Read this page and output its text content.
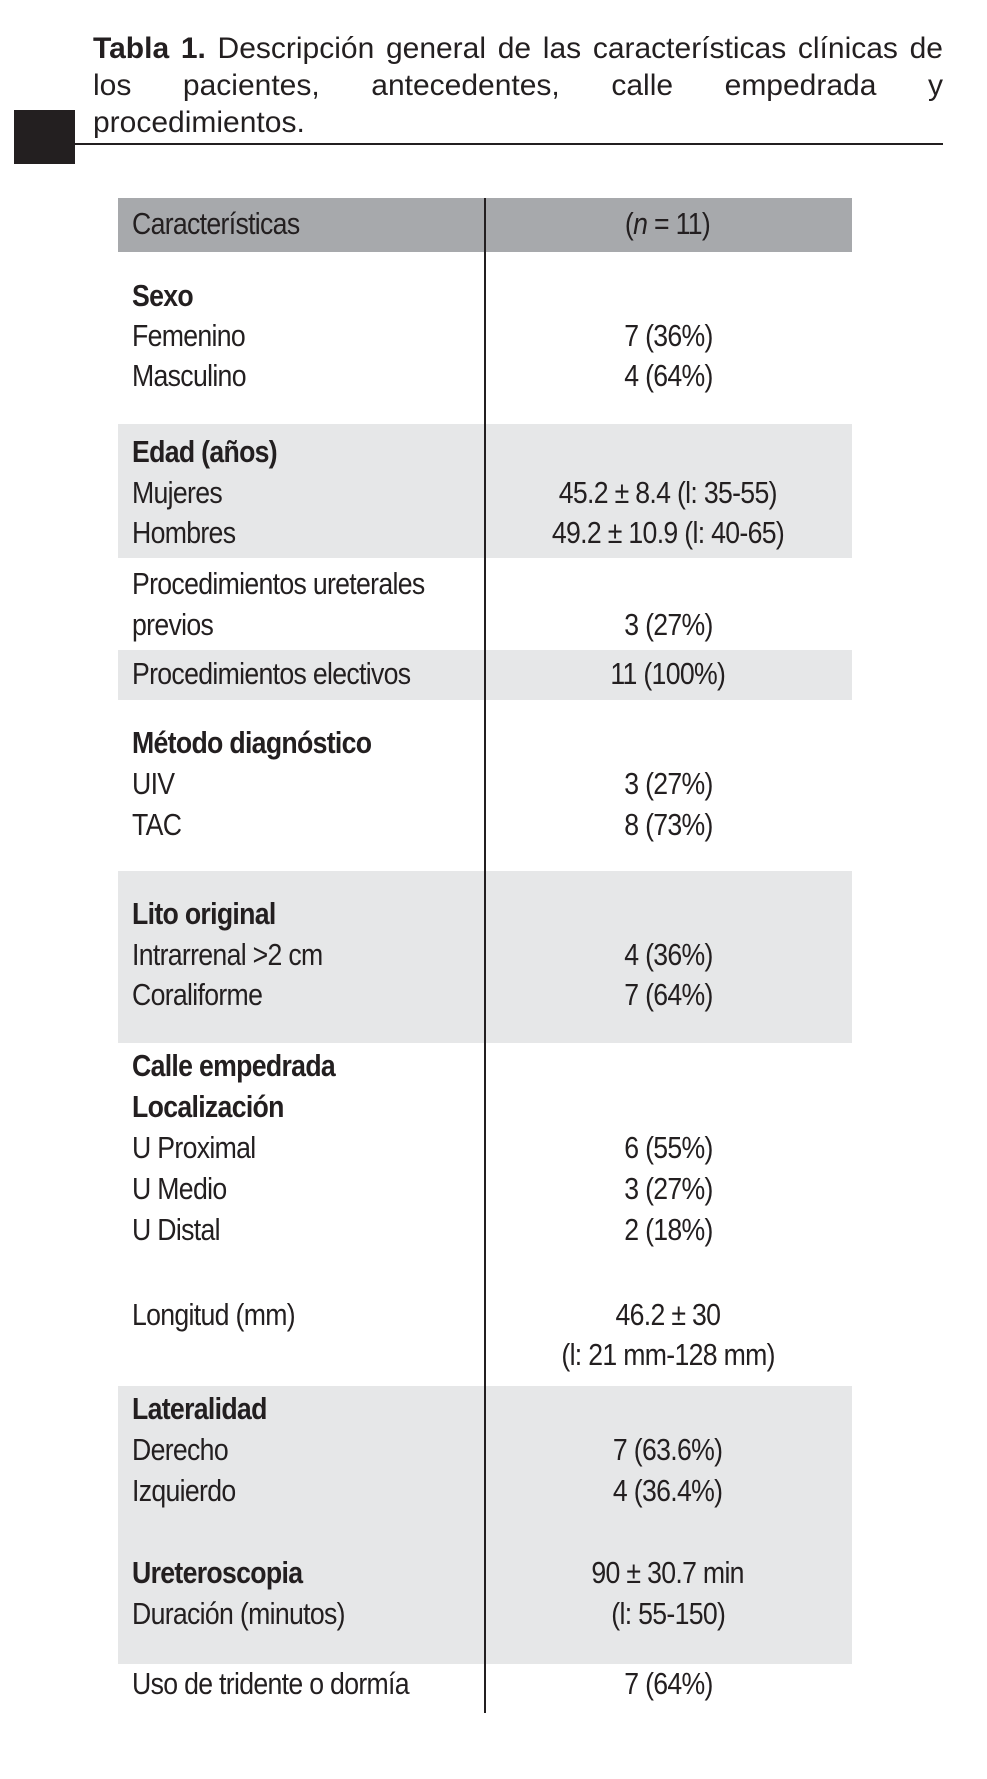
Tabla 1. Descripción general de las características clínicas de los pacientes, antecedentes, calle empedrada y procedimientos.
Características	(n = 11)
Sexo
Femenino	7 (36%)
Masculino	4 (64%)
Edad (años)
Mujeres	45.2 ± 8.4 (l: 35-55)
Hombres	49.2 ± 10.9 (l: 40-65)
Procedimientos ureterales
previos	3 (27%)
Procedimientos electivos	11 (100%)
Método diagnóstico
UIV	3 (27%)
TAC	8 (73%)
Lito original
Intrarrenal >2 cm	4 (36%)
Coraliforme	7 (64%)
Calle empedrada
Localización
U Proximal	6 (55%)
U Medio	3 (27%)
U Distal	2 (18%)
Longitud (mm)	46.2 ± 30
(l: 21 mm-128 mm)
Lateralidad
Derecho	7 (63.6%)
Izquierdo	4 (36.4%)
Ureteroscopia	90 ± 30.7 min
Duración (minutos)	(l: 55-150)
Uso de tridente o dormía	7 (64%)
